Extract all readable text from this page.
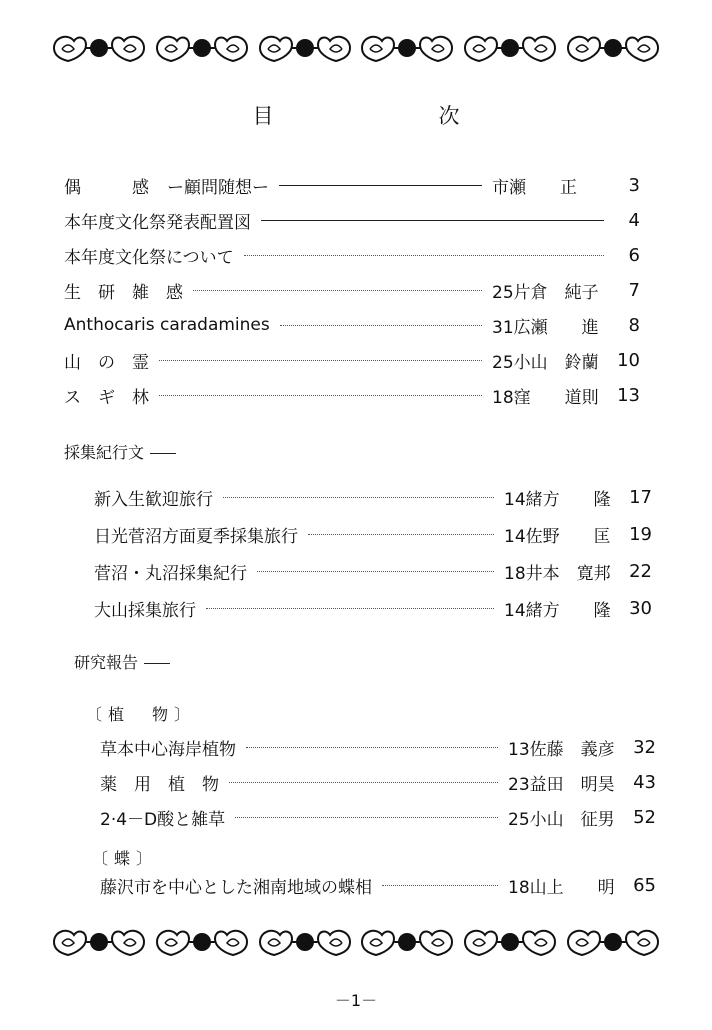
目　次
偶　　　感 ー顧問随想ー	市瀬　　正	3
本年度文化祭発表配置図	4
本年度文化祭について	6
生　研　雑　感	25片倉　純子	7
Anthocaris caradamines	31広瀬　　進	8
山　の　霊	25小山　鈴蘭 10
ス　ギ　林	18窪　　道則 13
採集紀行文
新入生歓迎旅行	14緒方　　隆 17
日光菅沼方面夏季採集旅行	14佐野　　匡 19
菅沼・丸沼採集紀行	18井本　寛邦 22
大山採集旅行	14緒方　　隆 30
研究報告
〔植　物〕
草本中心海岸植物	13佐藤　義彦 32
薬　用　植　物	23益田　明昊 43
2·4－D酸と雑草	25小山　征男 52
〔蝶〕
藤沢市を中心とした湘南地域の蝶相	18山上　　明 65
－1－
